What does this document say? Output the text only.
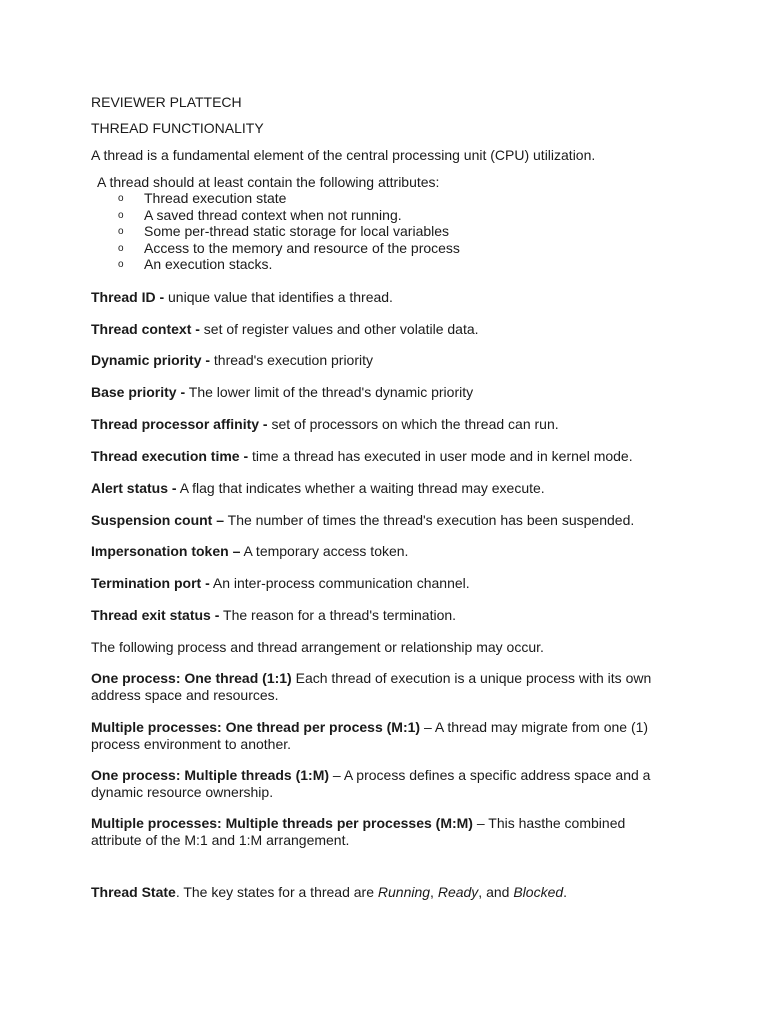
REVIEWER PLATTECH
THREAD FUNCTIONALITY
A thread is a fundamental element of the central processing unit (CPU) utilization.
A thread should at least contain the following attributes:
o Thread execution state
o A saved thread context when not running.
o Some per-thread static storage for local variables
o Access to the memory and resource of the process
o An execution stacks.
Thread ID - unique value that identifies a thread.
Thread context - set of register values and other volatile data.
Dynamic priority - thread's execution priority
Base priority - The lower limit of the thread's dynamic priority
Thread processor affinity - set of processors on which the thread can run.
Thread execution time - time a thread has executed in user mode and in kernel mode.
Alert status - A flag that indicates whether a waiting thread may execute.
Suspension count – The number of times the thread's execution has been suspended.
Impersonation token – A temporary access token.
Termination port - An inter-process communication channel.
Thread exit status - The reason for a thread's termination.
The following process and thread arrangement or relationship may occur.
One process: One thread (1:1) Each thread of execution is a unique process with its own
address space and resources.
Multiple processes: One thread per process (M:1) – A thread may migrate from one (1)
process environment to another.
One process: Multiple threads (1:M) – A process defines a specific address space and a
dynamic resource ownership.
Multiple processes: Multiple threads per processes (M:M) – This hasthe combined
attribute of the M:1 and 1:M arrangement.
Thread State. The key states for a thread are Running, Ready, and Blocked.
